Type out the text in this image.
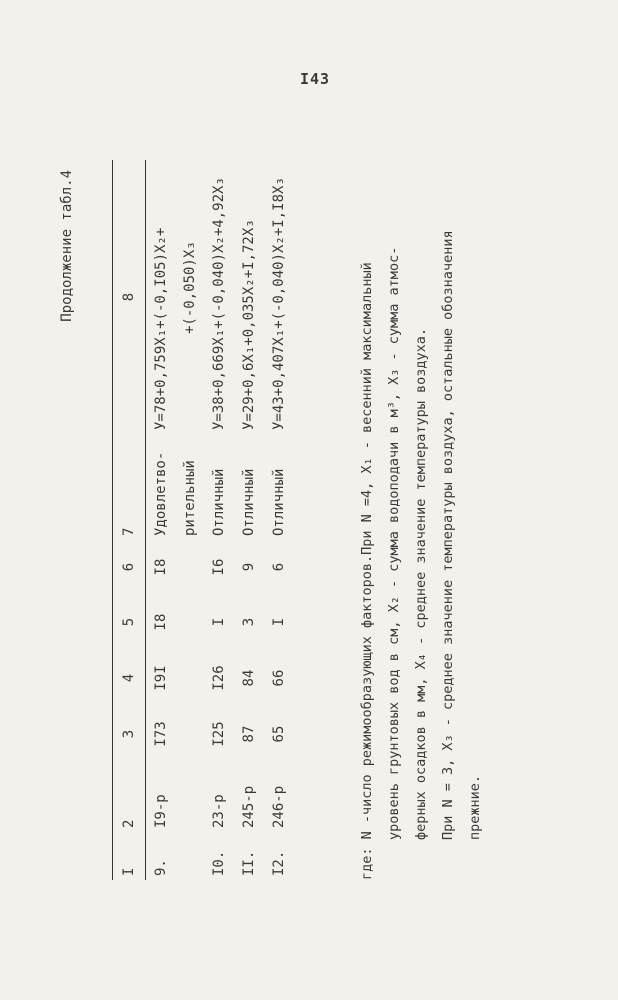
I43
Продолжение табл.4
I	2	3	4	5	6	7	8
9.	I9-р	I73	I9I	I8	I8	Удовлетво-	У=78+0,759X₁+(-0,I05)X₂+
						рительный	+(-0,050)X₃
I0.	23-р	I25	I26	I	I6	Отличный	У=38+0,669X₁+(-0,040)X₂+4,92X₃
II.	245-р	87	84	3	9	Отличный	У=29+0,6X₁+0,035X₂+I,72X₃
I2.	246-р	65	66	I	6	Отличный	У=43+0,407X₁+(-0,040)X₂+I,I8X₃	где: N -число режимообразующих факторов.При N =4, X₁ - весенний максимальный уровень грунтовых вод в см, X₂ - сумма водоподачи в м³, X₃ - сумма атмос- ферных осадков в мм, X₄ - среднее значение температуры воздуха. При N = 3, X₃ - среднее значение температуры воздуха, остальные обозначения прежние.
